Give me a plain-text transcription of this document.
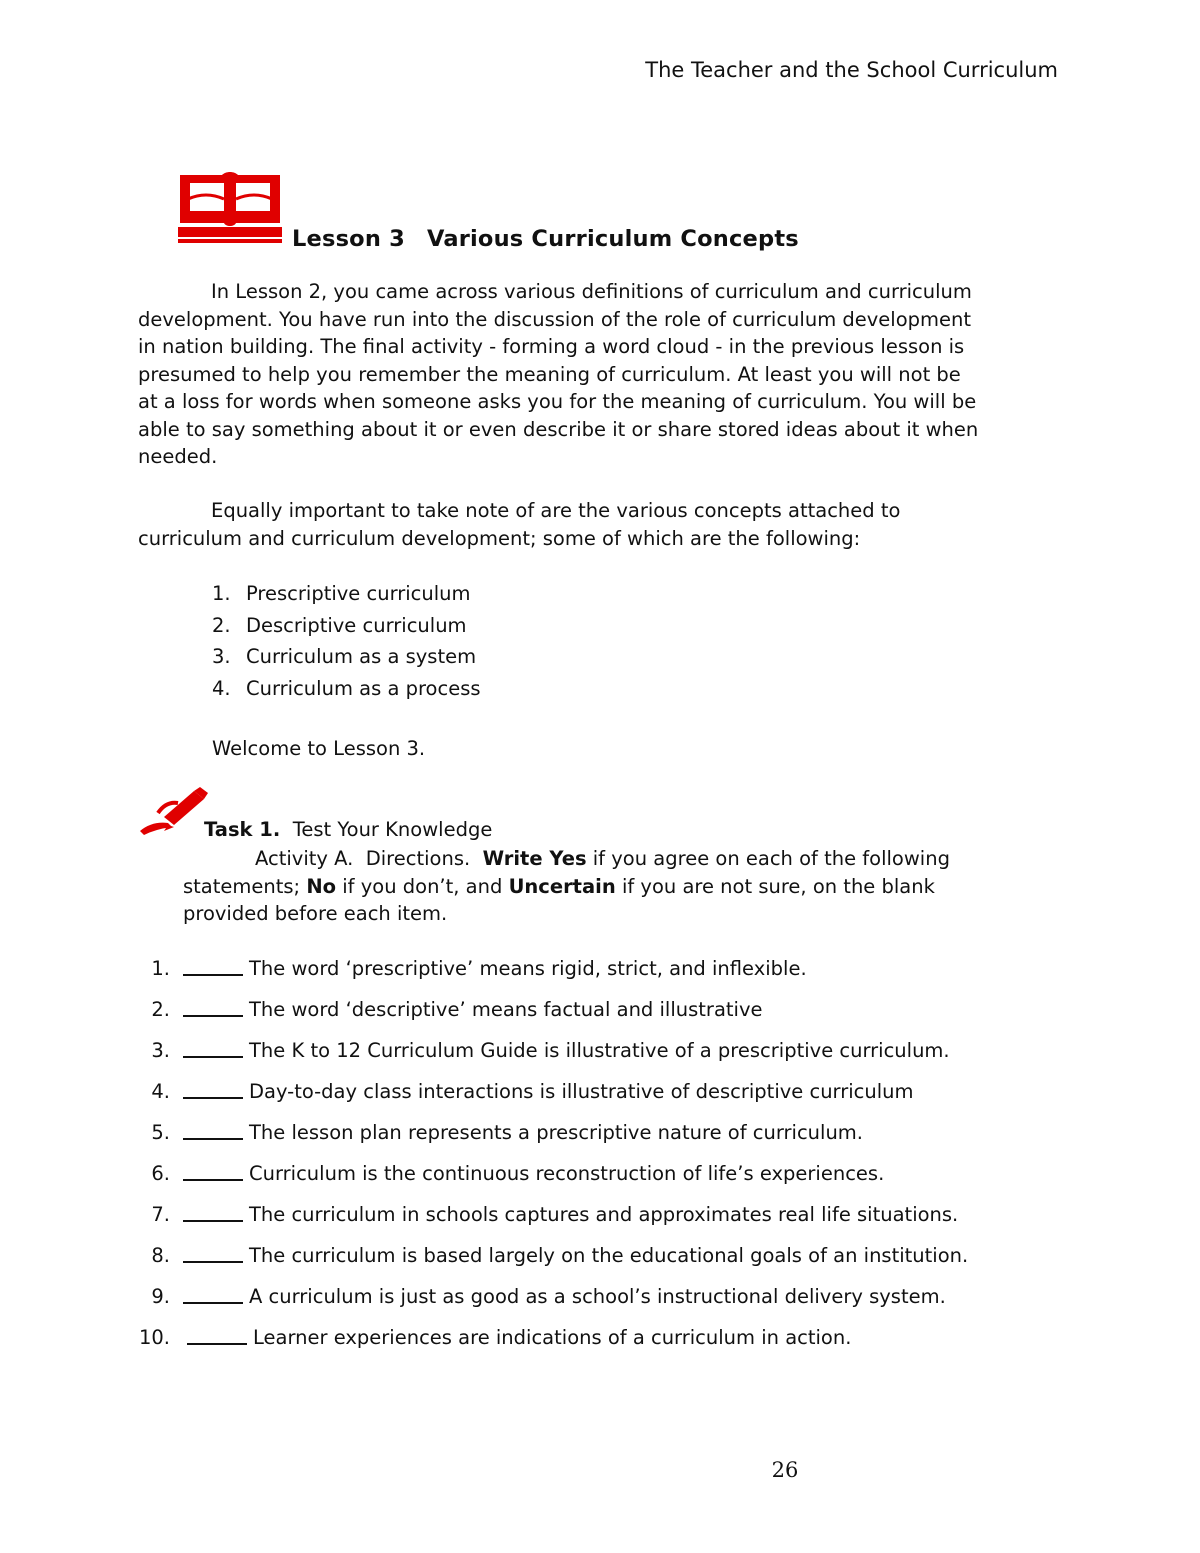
The Teacher and the School Curriculum
Lesson 3 Various Curriculum Concepts
In Lesson 2, you came across various definitions of curriculum and curriculum
development. You have run into the discussion of the role of curriculum development
in nation building. The final activity - forming a word cloud - in the previous lesson is
presumed to help you remember the meaning of curriculum. At least you will not be
at a loss for words when someone asks you for the meaning of curriculum. You will be
able to say something about it or even describe it or share stored ideas about it when
needed.
Equally important to take note of are the various concepts attached to
curriculum and curriculum development; some of which are the following:
1. Prescriptive curriculum
2. Descriptive curriculum
3. Curriculum as a system
4. Curriculum as a process
Welcome to Lesson 3.
Task 1. Test Your Knowledge
Activity A. Directions. Write Yes if you agree on each of the following
statements; No if you don’t, and Uncertain if you are not sure, on the blank
provided before each item.
1.	The word ‘prescriptive’ means rigid, strict, and inflexible.
2.	The word ‘descriptive’ means factual and illustrative
3.	The K to 12 Curriculum Guide is illustrative of a prescriptive curriculum.
4.	Day-to-day class interactions is illustrative of descriptive curriculum
5.	The lesson plan represents a prescriptive nature of curriculum.
6.	Curriculum is the continuous reconstruction of life’s experiences.
7.	The curriculum in schools captures and approximates real life situations.
8.	The curriculum is based largely on the educational goals of an institution.
9.	A curriculum is just as good as a school’s instructional delivery system.
10.	Learner experiences are indications of a curriculum in action.
26
